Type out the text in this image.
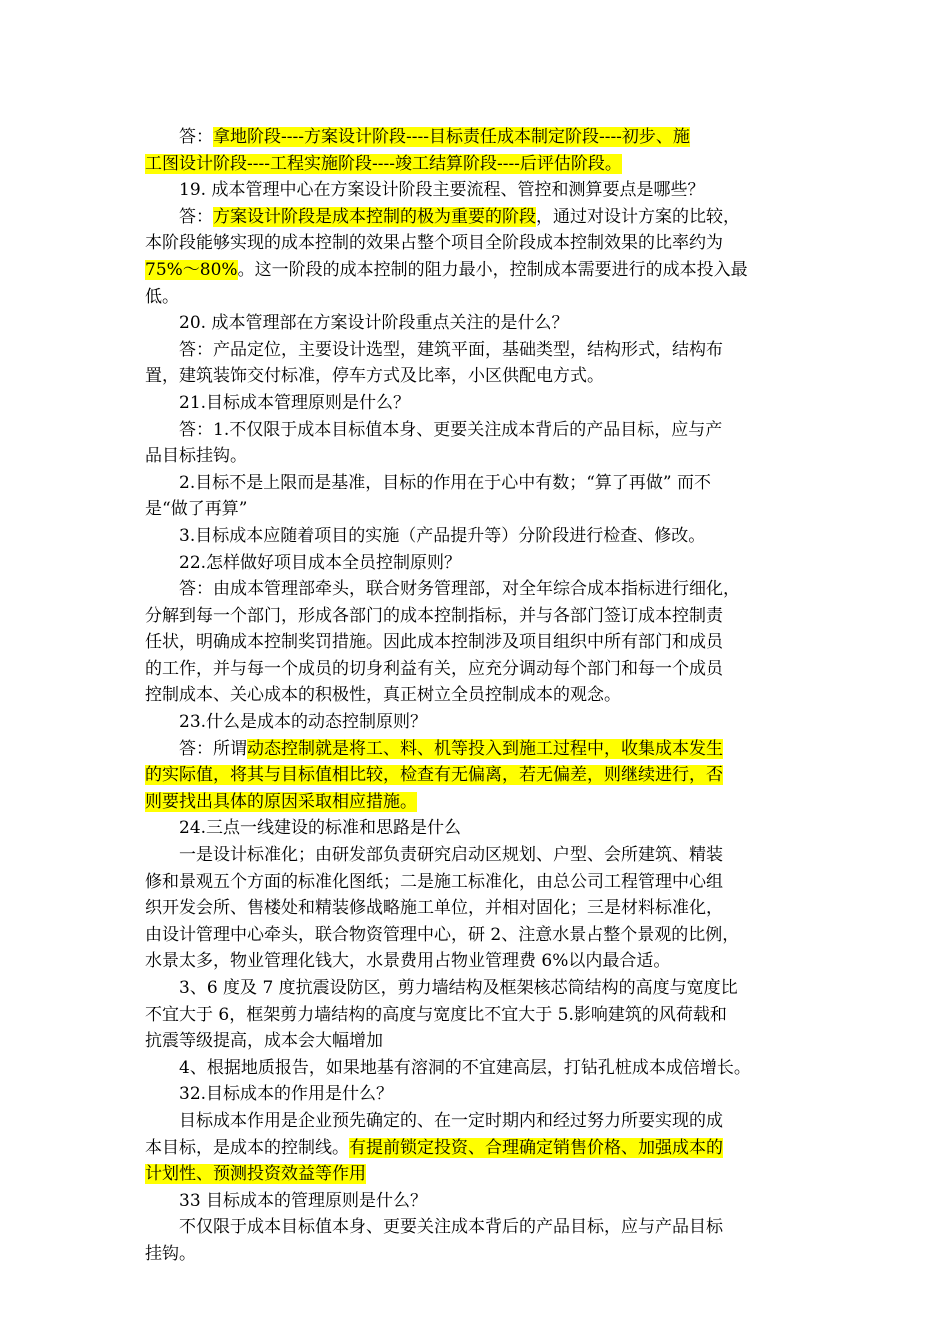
答：拿地阶段----方案设计阶段----目标责任成本制定阶段----初步、施
工图设计阶段----工程实施阶段----竣工结算阶段----后评估阶段。
19. 成本管理中心在方案设计阶段主要流程、管控和测算要点是哪些？
答：方案设计阶段是成本控制的极为重要的阶段，通过对设计方案的比较，
本阶段能够实现的成本控制的效果占整个项目全阶段成本控制效果的比率约为
75%～80%。这一阶段的成本控制的阻力最小，控制成本需要进行的成本投入最
低。
20. 成本管理部在方案设计阶段重点关注的是什么？
答：产品定位，主要设计选型，建筑平面，基础类型，结构形式，结构布
置，建筑装饰交付标准，停车方式及比率，小区供配电方式。
21.目标成本管理原则是什么？
答：1.不仅限于成本目标值本身、更要关注成本背后的产品目标，应与产
品目标挂钩。
2.目标不是上限而是基准，目标的作用在于心中有数；“算了再做” 而不
是“做了再算”
3.目标成本应随着项目的实施（产品提升等）分阶段进行检查、修改。
22.怎样做好项目成本全员控制原则？
答：由成本管理部牵头，联合财务管理部，对全年综合成本指标进行细化，
分解到每一个部门，形成各部门的成本控制指标，并与各部门签订成本控制责
任状，明确成本控制奖罚措施。因此成本控制涉及项目组织中所有部门和成员
的工作，并与每一个成员的切身利益有关，应充分调动每个部门和每一个成员
控制成本、关心成本的积极性，真正树立全员控制成本的观念。
23.什么是成本的动态控制原则？
答：所谓动态控制就是将工、料、机等投入到施工过程中，收集成本发生
的实际值，将其与目标值相比较，检查有无偏离，若无偏差，则继续进行，否
则要找出具体的原因采取相应措施。
24.三点一线建设的标准和思路是什么
一是设计标准化；由研发部负责研究启动区规划、户型、会所建筑、精装
修和景观五个方面的标准化图纸；二是施工标准化，由总公司工程管理中心组
织开发会所、售楼处和精装修战略施工单位，并相对固化；三是材料标准化，
由设计管理中心牵头，联合物资管理中心，研 2、注意水景占整个景观的比例，
水景太多，物业管理化钱大，水景费用占物业管理费 6%以内最合适。
3、6 度及 7 度抗震设防区，剪力墙结构及框架核芯筒结构的高度与宽度比
不宜大于 6，框架剪力墙结构的高度与宽度比不宜大于 5.影响建筑的风荷载和
抗震等级提高，成本会大幅增加
4、根据地质报告，如果地基有溶洞的不宜建高层，打钻孔桩成本成倍增长。
32.目标成本的作用是什么？
目标成本作用是企业预先确定的、在一定时期内和经过努力所要实现的成
本目标，是成本的控制线。有提前锁定投资、合理确定销售价格、加强成本的
计划性、预测投资效益等作用
33 目标成本的管理原则是什么？
不仅限于成本目标值本身、更要关注成本背后的产品目标，应与产品目标
挂钩。
